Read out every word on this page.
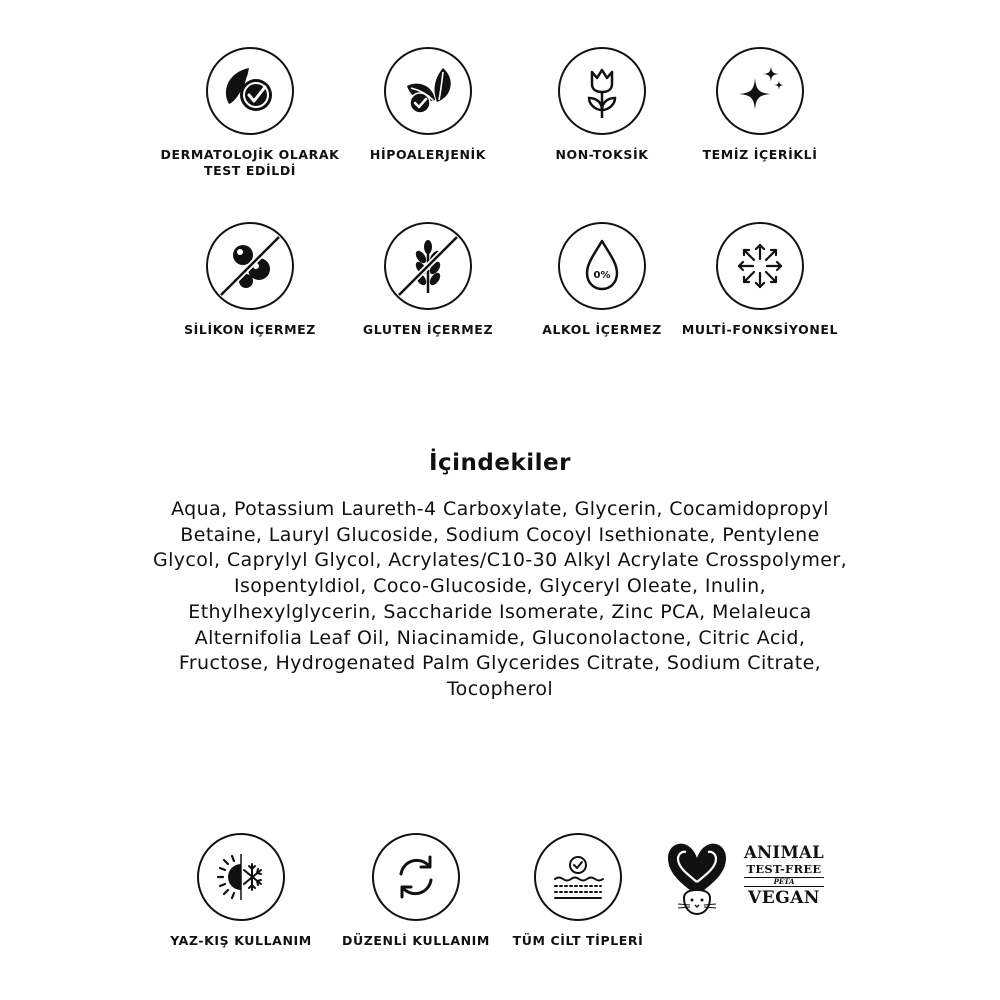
DERMATOLOJİK OLARAK TEST EDİLDİ
HİPOALERJENİK	NON-TOKSİK	TEMİZ İÇERİKLİ
SİLİKON İÇERMEZ	GLUTEN İÇERMEZ
0%
ALKOL İÇERMEZ	MULTİ-FONKSİYONEL
İçindekiler
Aqua, Potassium Laureth-4 Carboxylate, Glycerin, Cocamidopropyl Betaine, Lauryl Glucoside, Sodium Cocoyl Isethionate, Pentylene Glycol, Caprylyl Glycol, Acrylates/C10-30 Alkyl Acrylate Crosspolymer, Isopentyldiol, Coco-Glucoside, Glyceryl Oleate, Inulin, Ethylhexylglycerin, Saccharide Isomerate, Zinc PCA, Melaleuca Alternifolia Leaf Oil, Niacinamide, Gluconolactone, Citric Acid, Fructose, Hydrogenated Palm Glycerides Citrate, Sodium Citrate, Tocopherol
YAZ-KIŞ KULLANIM	DÜZENLİ KULLANIM	TÜM CİLT TİPLERİ
ANIMAL
TEST-FREE
PETA
VEGAN
